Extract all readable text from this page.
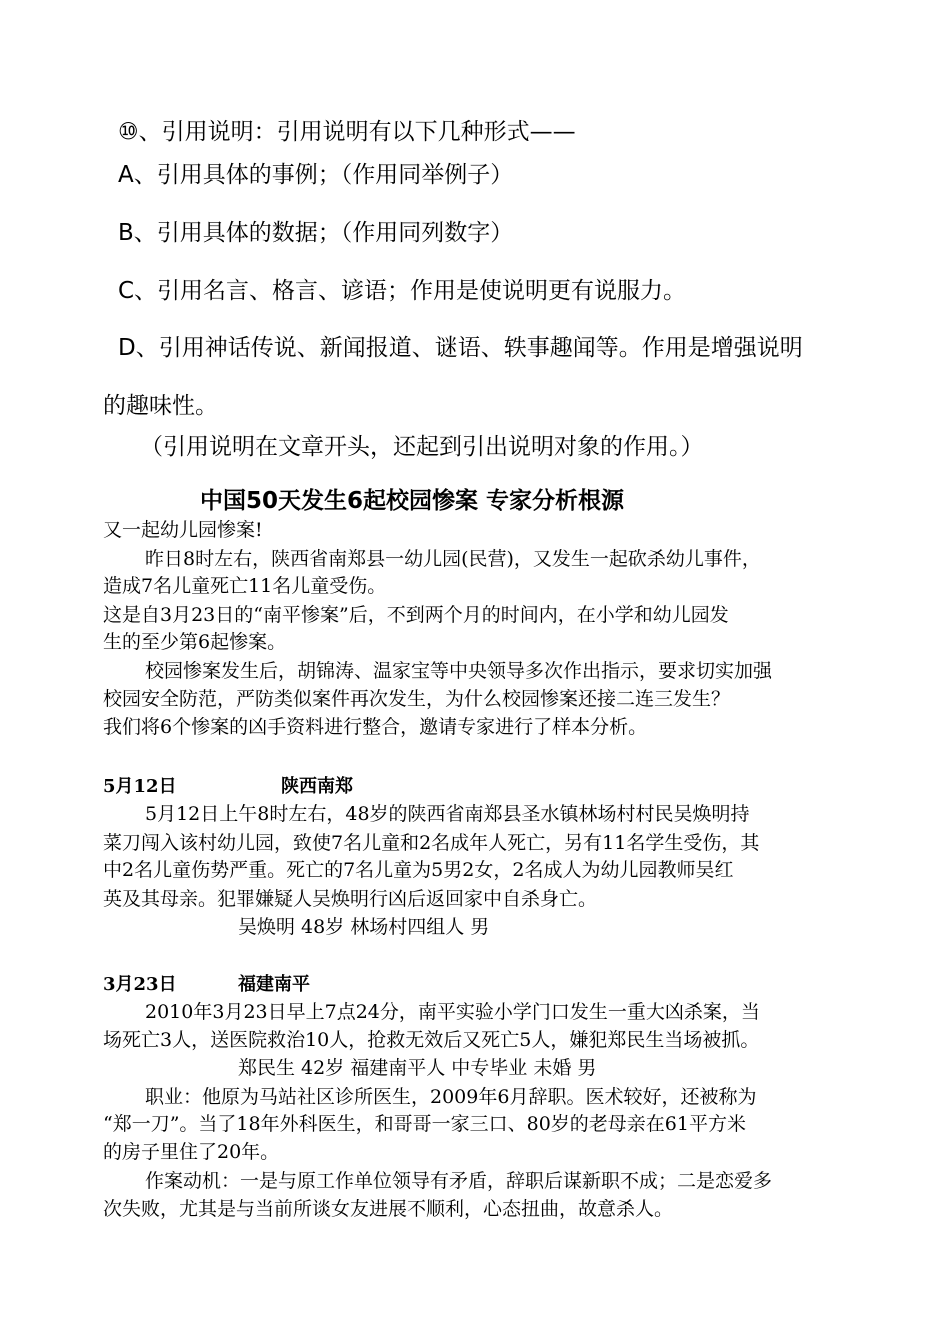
⑩、引用说明：引用说明有以下几种形式——
A、引用具体的事例；（作用同举例子）
B、引用具体的数据；（作用同列数字）
C、引用名言、格言、谚语；作用是使说明更有说服力。
D、引用神话传说、新闻报道、谜语、轶事趣闻等。作用是增强说明
的趣味性。
（引用说明在文章开头，还起到引出说明对象的作用。）
中国50天发生6起校园惨案 专家分析根源
又一起幼儿园惨案!
昨日8时左右，陕西省南郑县一幼儿园(民营)，又发生一起砍杀幼儿事件，
造成7名儿童死亡11名儿童受伤。
这是自3月23日的“南平惨案”后，不到两个月的时间内，在小学和幼儿园发
生的至少第6起惨案。
校园惨案发生后，胡锦涛、温家宝等中央领导多次作出指示，要求切实加强
校园安全防范，严防类似案件再次发生，为什么校园惨案还接二连三发生？
我们将6个惨案的凶手资料进行整合，邀请专家进行了样本分析。
5月12日	陕西南郑
5月12日上午8时左右，48岁的陕西省南郑县圣水镇林场村村民吴焕明持
菜刀闯入该村幼儿园，致使7名儿童和2名成年人死亡，另有11名学生受伤，其
中2名儿童伤势严重。死亡的7名儿童为5男2女，2名成人为幼儿园教师吴红
英及其母亲。犯罪嫌疑人吴焕明行凶后返回家中自杀身亡。
吴焕明 48岁 林场村四组人 男
3月23日	福建南平
2010年3月23日早上7点24分，南平实验小学门口发生一重大凶杀案，当
场死亡3人，送医院救治10人，抢救无效后又死亡5人，嫌犯郑民生当场被抓。
郑民生 42岁 福建南平人 中专毕业 未婚 男
职业：他原为马站社区诊所医生，2009年6月辞职。医术较好，还被称为
“郑一刀”。当了18年外科医生，和哥哥一家三口、80岁的老母亲在61平方米
的房子里住了20年。
作案动机：一是与原工作单位领导有矛盾，辞职后谋新职不成；二是恋爱多
次失败，尤其是与当前所谈女友进展不顺利，心态扭曲，故意杀人。
